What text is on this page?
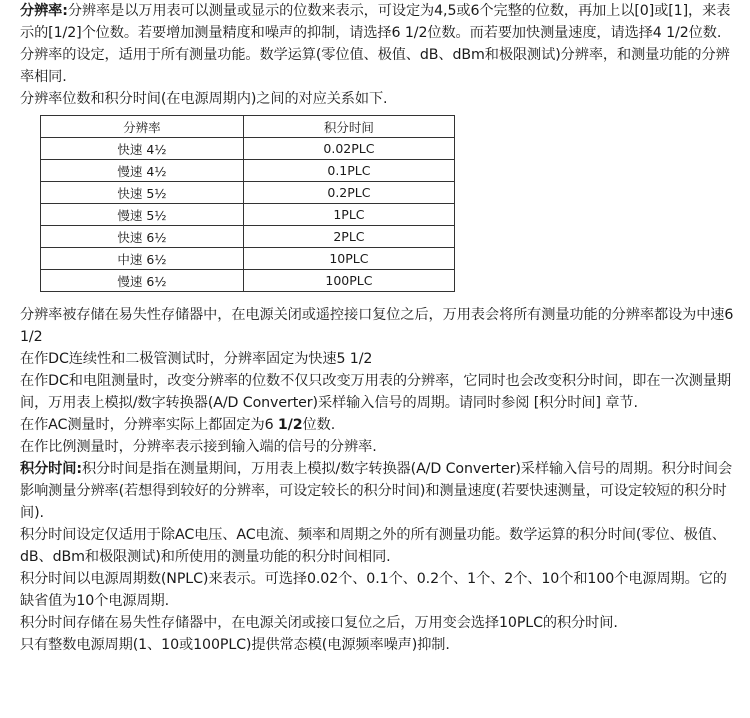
分辨率:分辨率是以万用表可以测量或显示的位数来表示，可设定为4,5或6个完整的位数，再加上以[0]或[1]，来表示的[1/2]个位数。若要增加测量精度和噪声的抑制，请选择6 1/2位数。而若要加快测量速度，请选择4 1/2位数.

分辨率的设定，适用于所有测量功能。数学运算(零位值、极值、dB、dBm和极限测试)分辨率，和测量功能的分辨率相同.

分辨率位数和积分时间(在电源周期内)之间的对应关系如下.

分辨率	积分时间
快速 4½	0.02PLC
慢速 4½	0.1PLC
快速 5½	0.2PLC
慢速 5½	1PLC
快速 6½	2PLC
中速 6½	10PLC
慢速 6½	100PLC

分辨率被存储在易失性存储器中，在电源关闭或遥控接口复位之后，万用表会将所有测量功能的分辨率都设为中速6 1/2

在作DC连续性和二极管测试时，分辨率固定为快速5 1/2

在作DC和电阻测量时，改变分辨率的位数不仅只改变万用表的分辨率，它同时也会改变积分时间，即在一次测量期间，万用表上模拟/数字转换器(A/D Converter)采样输入信号的周期。请同时参阅 [积分时间] 章节.

在作AC测量时，分辨率实际上都固定为6 1/2位数.

在作比例测量时，分辨率表示接到输入端的信号的分辨率.

积分时间:积分时间是指在测量期间，万用表上模拟/数字转换器(A/D Converter)采样输入信号的周期。积分时间会影响测量分辨率(若想得到较好的分辨率，可设定较长的积分时间)和测量速度(若要快速测量，可设定较短的积分时间).

积分时间设定仅适用于除AC电压、AC电流、频率和周期之外的所有测量功能。数学运算的积分时间(零位、极值、dB、dBm和极限测试)和所使用的测量功能的积分时间相同.

积分时间以电源周期数(NPLC)来表示。可选择0.02个、0.1个、0.2个、1个、2个、10个和100个电源周期。它的缺省值为10个电源周期.

积分时间存储在易失性存储器中，在电源关闭或接口复位之后，万用变会选择10PLC的积分时间.

只有整数电源周期(1、10或100PLC)提供常态模(电源频率噪声)抑制.
